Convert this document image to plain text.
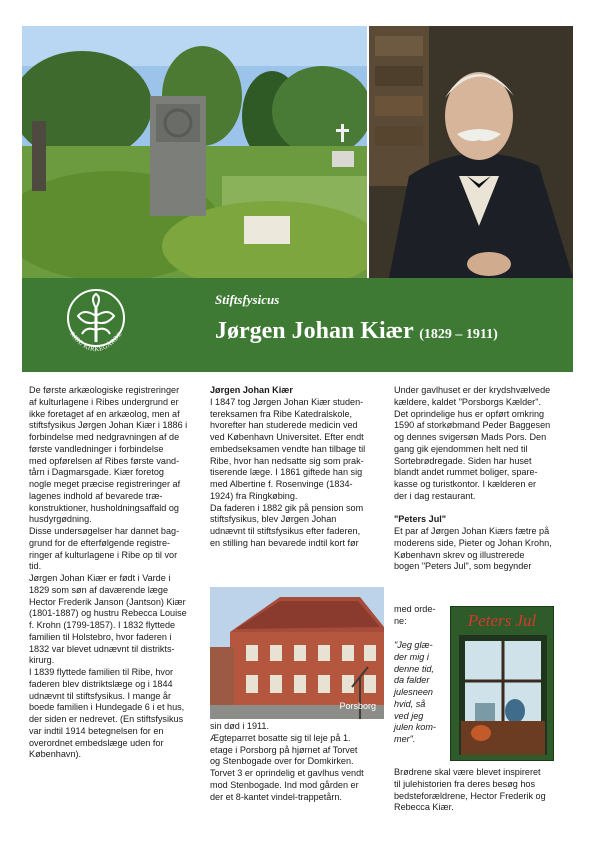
RIBE KIRKEGÅRDE
Stiftsfysicus
Jørgen Johan Kiær (1829 – 1911)

De første arkæologiske registreringer

af kulturlagene i Ribes undergrund er

ikke foretaget af en arkæolog, men af

stiftsfysikus Jørgen Johan Kiær i 1886 i

forbindelse med nedgravningen af de

første vandledninger i forbindelse

med opførelsen af Ribes første vand-

tårn i Dagmarsgade. Kiær foretog

nogle meget præcise registreringer af

lagenes indhold af bevarede træ-

konstruktioner, husholdningsaffald og

husdyrgødning.

Disse undersøgelser har dannet bag-

grund for de efterfølgende registre-

ringer af kulturlagene i Ribe op til vor

tid.

Jørgen Johan Kiær er født i Varde i

1829 som søn af daværende læge

Hector Frederik Janson (Jantson) Kiær

(1801-1887) og hustru Rebecca Louise

f. Krohn (1799-1857). I 1832 flyttede

familien til Holstebro, hvor faderen i

1832 var blevet udnævnt til distrikts-

kirurg.

I 1839 flyttede familien til Ribe, hvor

faderen blev distriktslæge og i 1844

udnævnt til stiftsfysikus. I mange år

boede familien i Hundegade 6 i et hus,

der siden er nedrevet. (En stiftsfysikus

var indtil 1914 betegnelsen for en

overordnet embedslæge uden for

København).

Jørgen Johan Kiær

I 1847 tog Jørgen Johan Kiær studen-

tereksamen fra Ribe Katedralskole,

hvorefter han studerede medicin ved

ved København Universitet. Efter endt

embedseksamen vendte han tilbage til

Ribe, hvor han nedsatte sig som prak-

tiserende læge. I 1861 giftede han sig

med Albertine f. Rosenvinge (1834-

1924) fra Ringkøbing.

Da faderen i 1882 gik på pension som

stiftsfysikus, blev Jørgen Johan

udnævnt til stiftsfysikus efter faderen,

en stilling han bevarede indtil kort før

Porsborg

sin død i 1911.

Ægteparret bosatte sig til leje på 1.

etage i Porsborg på hjørnet af Torvet

og Stenbogade over for Domkirken.

Torvet 3 er oprindelig et gavlhus vendt

mod Stenbogade. Ind mod gården er

der et 8-kantet vindel-trappetårn.

Under gavlhuset er der krydshvælvede

kældere, kaldet "Porsborgs Kælder".

Det oprindelige hus er opført omkring

1590 af storkøbmand Peder Baggesen

og dennes svigersøn Mads Pors. Den

gang gik ejendommen helt ned til

Sortebrødregade. Siden har huset

blandt andet rummet boliger, spare-

kasse og turistkontor. I kælderen er

der i dag restaurant.

"Peters Jul"

Et par af Jørgen Johan Kiærs fætre på

moderens side, Pieter og Johan Krohn,

København skrev og illustrerede

bogen "Peters Jul", som begynder

med orde-

ne:

"Jeg glæ-

der mig i

denne tid,

da falder

julesneen

hvid, så

ved jeg

julen kom-

mer".

Peters Jul

Brødrene skal være blevet inspireret

til julehistorien fra deres besøg hos

bedsteforældrene, Hector Frederik og

Rebecca Kiær.
